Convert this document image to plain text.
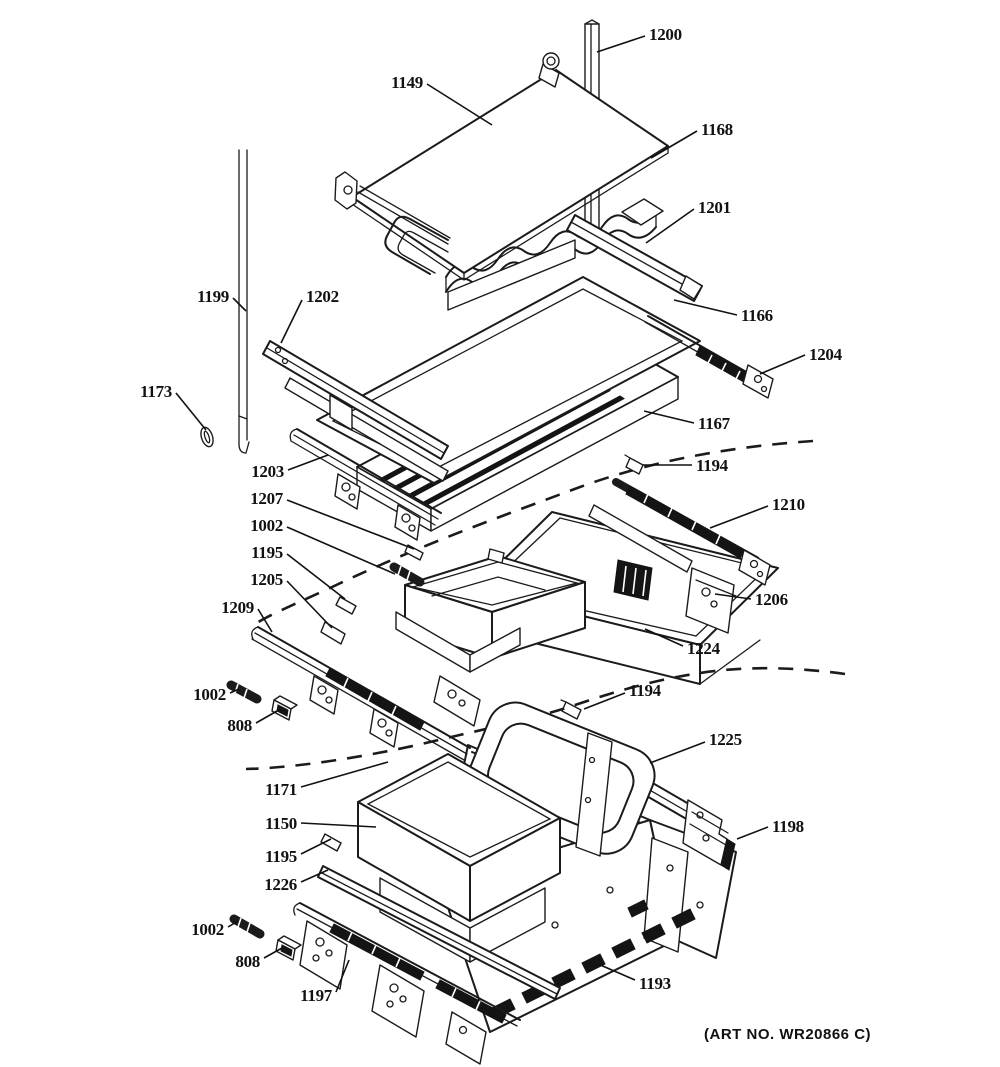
1200
1149
1168
1201
1199	1202
1166
1204
1173
1167
1203	1194
1207
1002
1195
1205
1209
1002
808
1210
1206
1224
1194
1225
1171
1150
1195
1226
1002
808
1197
1198
1193
(ART NO. WR20866 C)
